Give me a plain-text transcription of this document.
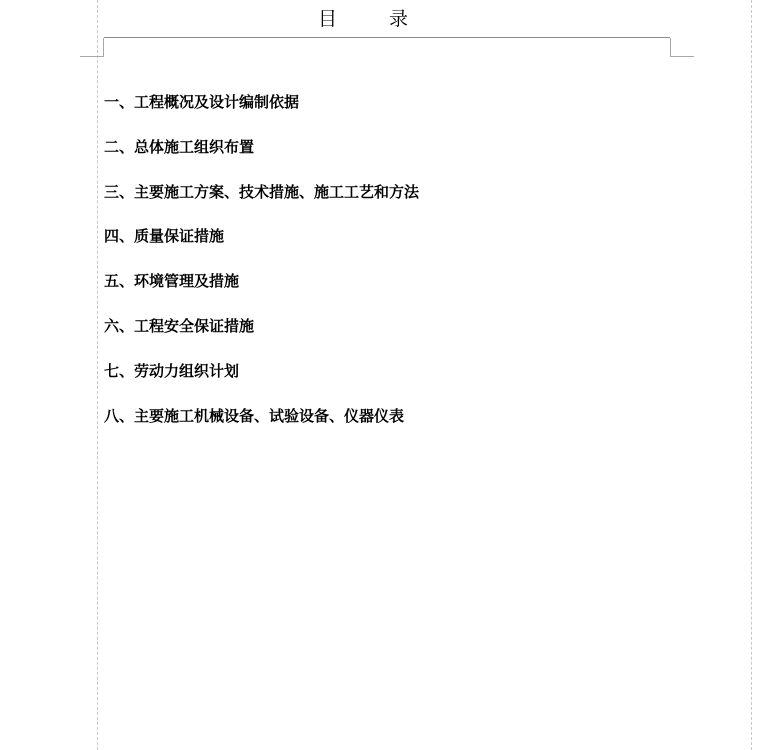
目录
一、工程概况及设计编制依据
二、总体施工组织布置
三、主要施工方案、技术措施、施工工艺和方法
四、质量保证措施
五、环境管理及措施
六、工程安全保证措施
七、劳动力组织计划
八、主要施工机械设备、试验设备、仪器仪表
